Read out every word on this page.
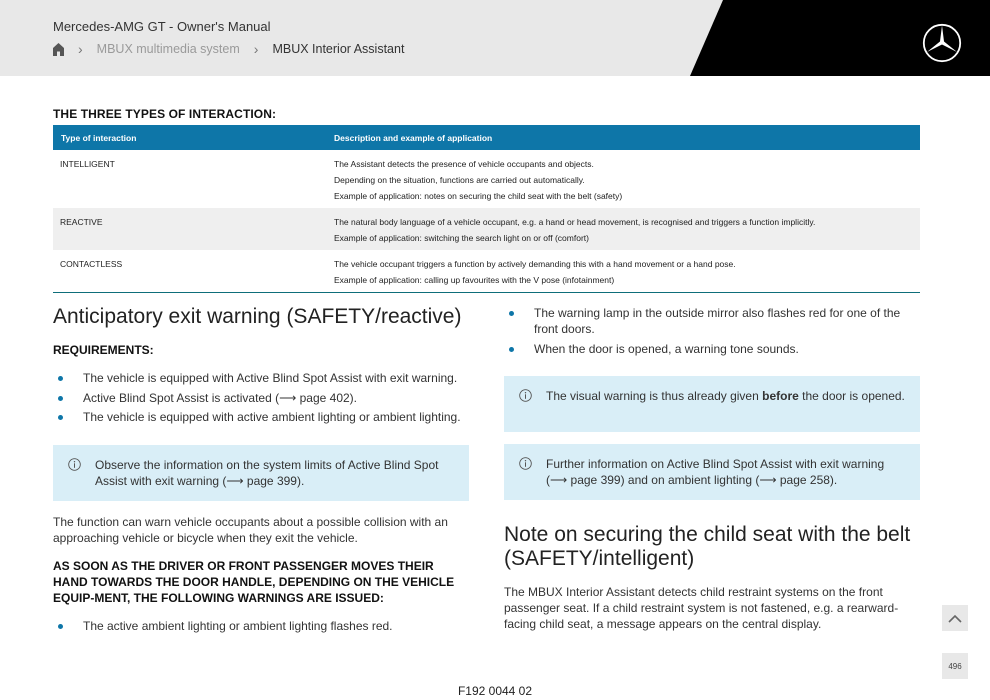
Mercedes-AMG GT - Owner's Manual
› MBUX multimedia system › MBUX Interior Assistant
THE THREE TYPES OF INTERACTION:
Type of interaction	Description and example of application
INTELLIGENT	The Assistant detects the presence of vehicle occupants and objects.
Depending on the situation, functions are carried out automatically.
Example of application: notes on securing the child seat with the belt (safety)

REACTIVE	The natural body language of a vehicle occupant, e.g. a hand or head movement, is recognised and triggers a function implicitly.
Example of application: switching the search light on or off (comfort)

CONTACTLESS	The vehicle occupant triggers a function by actively demanding this with a hand movement or a hand pose.
Example of application: calling up favourites with the V pose (infotainment)
Anticipatory exit warning (SAFETY/reactive)
REQUIREMENTS:
The vehicle is equipped with Active Blind Spot Assist with exit warning.
Active Blind Spot Assist is activated (⟶ page 402).
The vehicle is equipped with active ambient lighting or ambient lighting.
Observe the information on the system limits of Active Blind Spot Assist with exit warning (⟶ page 399).

The function can warn vehicle occupants about a possible collision with an approaching vehicle or bicycle when they exit the vehicle.

AS SOON AS THE DRIVER OR FRONT PASSENGER MOVES THEIR HAND TOWARDS THE DOOR HANDLE, DEPENDING ON THE VEHICLE EQUIP-MENT, THE FOLLOWING WARNINGS ARE ISSUED:
The active ambient lighting or ambient lighting flashes red.
The warning lamp in the outside mirror also flashes red for one of the front doors.
When the door is opened, a warning tone sounds.
The visual warning is thus already given before the door is opened.
Further information on Active Blind Spot Assist with exit warning (⟶ page 399) and on ambient lighting (⟶ page 258).
Note on securing the child seat with the belt (SAFETY/intelligent)

The MBUX Interior Assistant detects child restraint systems on the front passenger seat. If a child restraint system is not fastened, e.g. a rearward-facing child seat, a message appears on the central display.

496
F192 0044 02
